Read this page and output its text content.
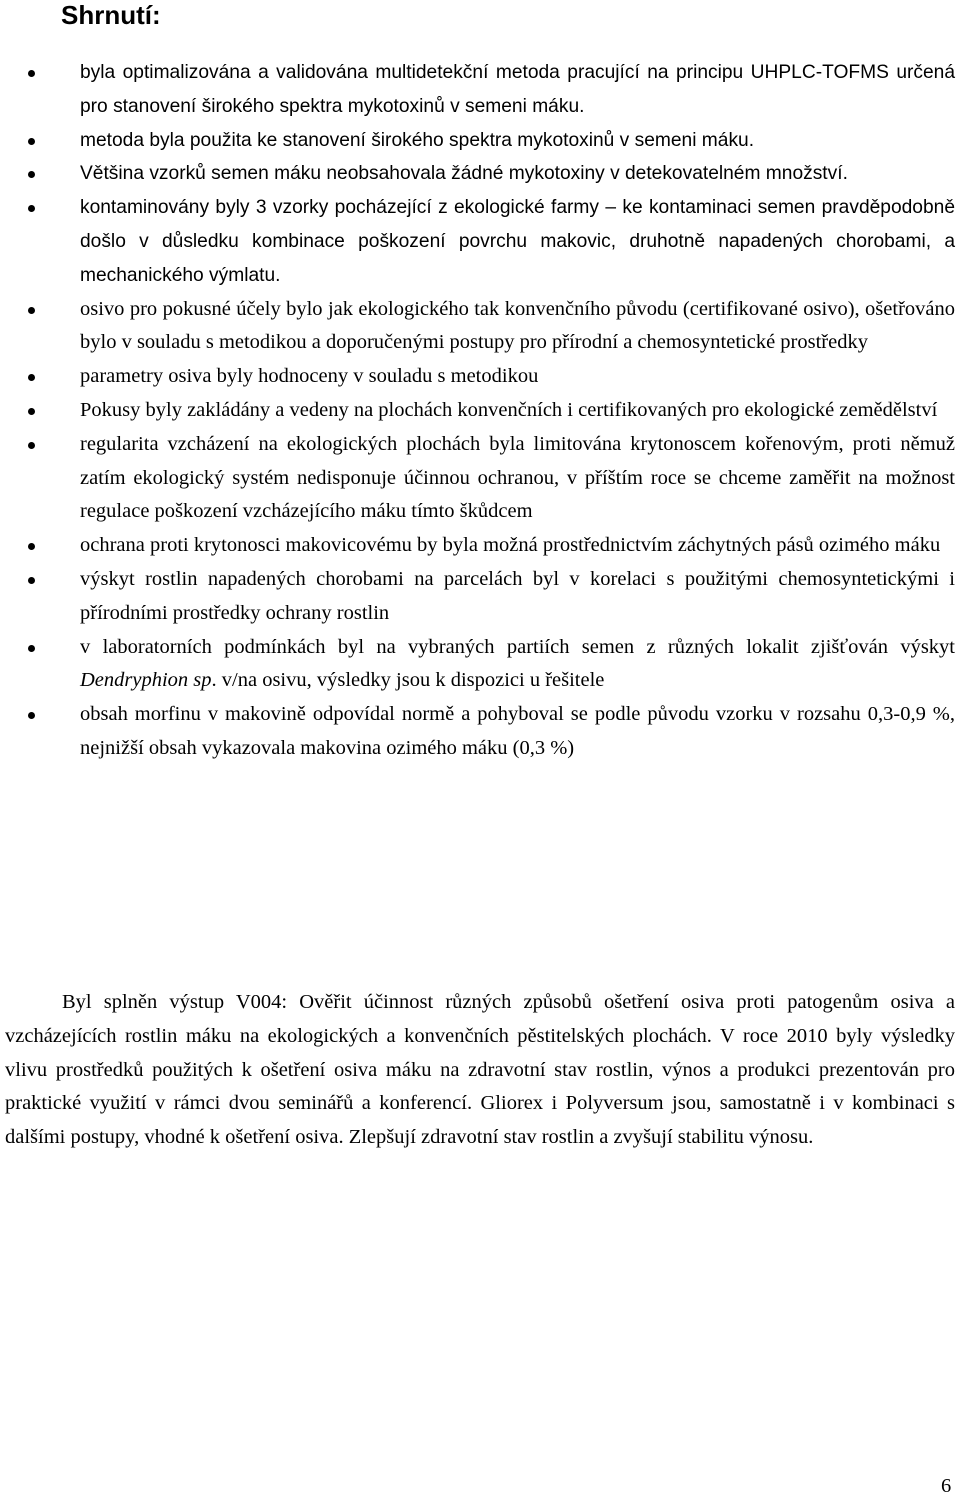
Shrnutí:
byla optimalizována a validována multidetekční metoda pracující na principu UHPLC-TOFMS určená pro stanovení širokého spektra mykotoxinů v semeni máku.
metoda byla použita ke stanovení širokého spektra mykotoxinů v semeni máku.
Většina vzorků semen máku neobsahovala žádné mykotoxiny v detekovatelném množství.
kontaminovány byly 3 vzorky pocházející z ekologické farmy – ke kontaminaci semen pravděpodobně došlo v důsledku kombinace poškození povrchu makovic, druhotně napadených chorobami, a mechanického výmlatu.
osivo pro pokusné účely bylo jak ekologického tak konvenčního původu (certifikované osivo), ošetřováno bylo v souladu s metodikou a doporučenými postupy pro přírodní a chemosyntetické prostředky
parametry osiva byly hodnoceny v souladu s metodikou
Pokusy byly zakládány a vedeny na plochách konvenčních i certifikovaných pro ekologické zemědělství
regularita vzcházení na ekologických plochách byla limitována krytonoscem kořenovým, proti němuž zatím ekologický systém nedisponuje účinnou ochranou, v příštím roce se chceme zaměřit na možnost regulace poškození vzcházejícího máku tímto škůdcem
ochrana proti krytonosci makovicovému by byla možná prostřednictvím záchytných pásů ozimého máku
výskyt rostlin napadených chorobami na parcelách byl v korelaci s použitými chemosyntetickými i přírodními prostředky ochrany rostlin
v laboratorních podmínkách byl na vybraných partiích semen z různých lokalit zjišťován výskyt Dendryphion sp. v/na osivu, výsledky jsou k dispozici u řešitele
obsah morfinu v makovině odpovídal normě a pohyboval se podle původu vzorku v rozsahu 0,3-0,9 %, nejnižší obsah vykazovala makovina ozimého máku (0,3 %)

Byl splněn výstup V004: Ověřit účinnost různých způsobů ošetření osiva proti patogenům osiva a vzcházejících rostlin máku na ekologických a konvenčních pěstitelských plochách. V roce 2010 byly výsledky vlivu prostředků použitých k ošetření osiva máku na zdravotní stav rostlin, výnos a produkci prezentován pro praktické využití v rámci dvou seminářů a konferencí. Gliorex i Polyversum jsou, samostatně i v kombinaci s dalšími postupy, vhodné k ošetření osiva. Zlepšují zdravotní stav rostlin a zvyšují stabilitu výnosu.

6
